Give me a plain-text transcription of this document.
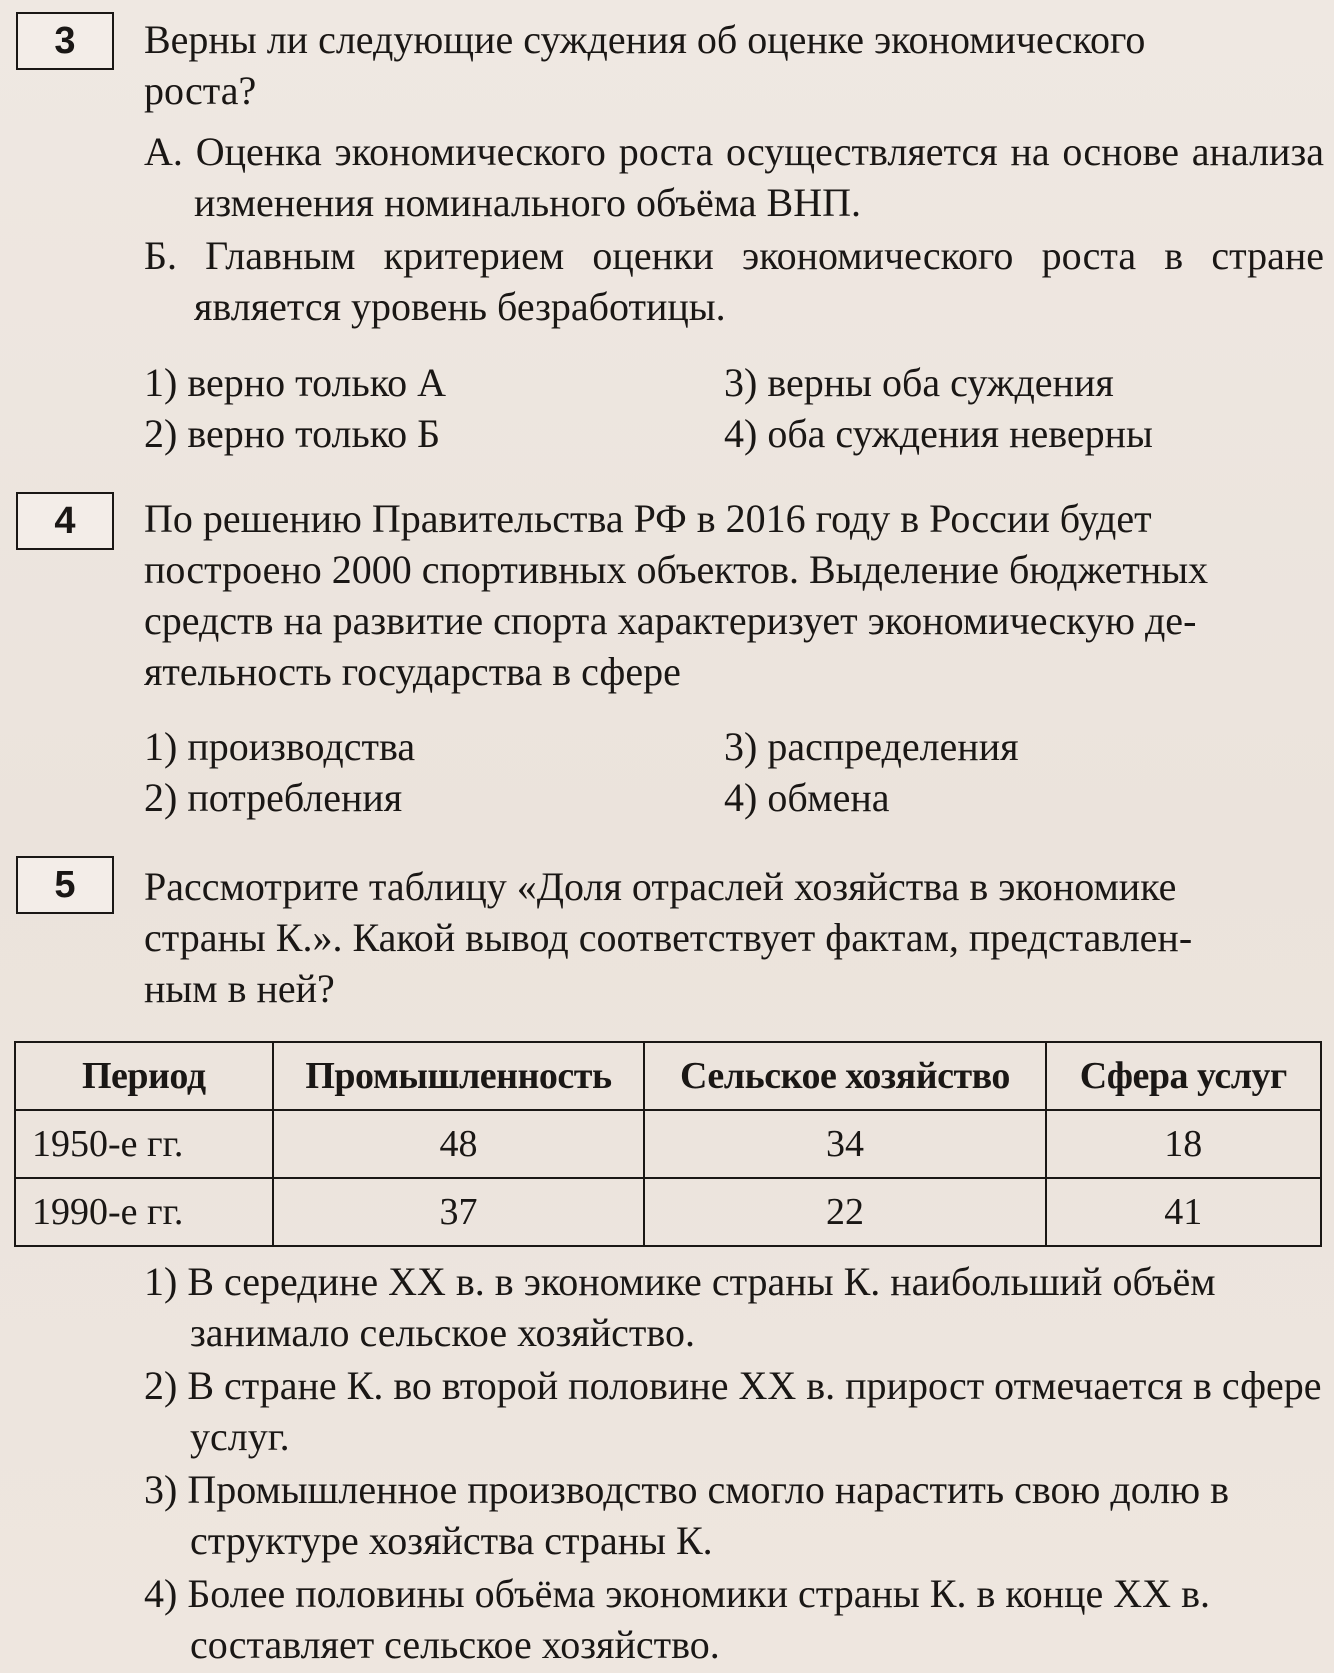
3	Верны ли следующие суждения об оценке экономического
роста?
А. Оценка экономического роста осуществляется на основе анализа изменения номинального объёма ВНП.
Б. Главным критерием оценки экономического роста в стране является уровень безработицы.
1) верно только А
2) верно только Б
3) верны оба суждения
4) оба суждения неверны
4	По решению Правительства РФ в 2016 году в России будет
построено 2000 спортивных объектов. Выделение бюджетных
средств на развитие спорта характеризует экономическую де-
ятельность государства в сфере
1) производства
2) потребления
3) распределения
4) обмена
5	Рассмотрите таблицу «Доля отраслей хозяйства в экономике
страны К.». Какой вывод соответствует фактам, представлен-
ным в ней?
Период	Промышленность	Сельское хозяйство	Сфера услуг
1950-е гг.	48	34	18
1990-е гг.	37	22	41
1) В середине XX в. в экономике страны К. наибольший объём занимало сельское хозяйство.
2) В стране К. во второй половине XX в. прирост отмечается в сфере услуг.
3) Промышленное производство смогло нарастить свою долю в структуре хозяйства страны К.
4) Более половины объёма экономики страны К. в конце XX в. составляет сельское хозяйство.
